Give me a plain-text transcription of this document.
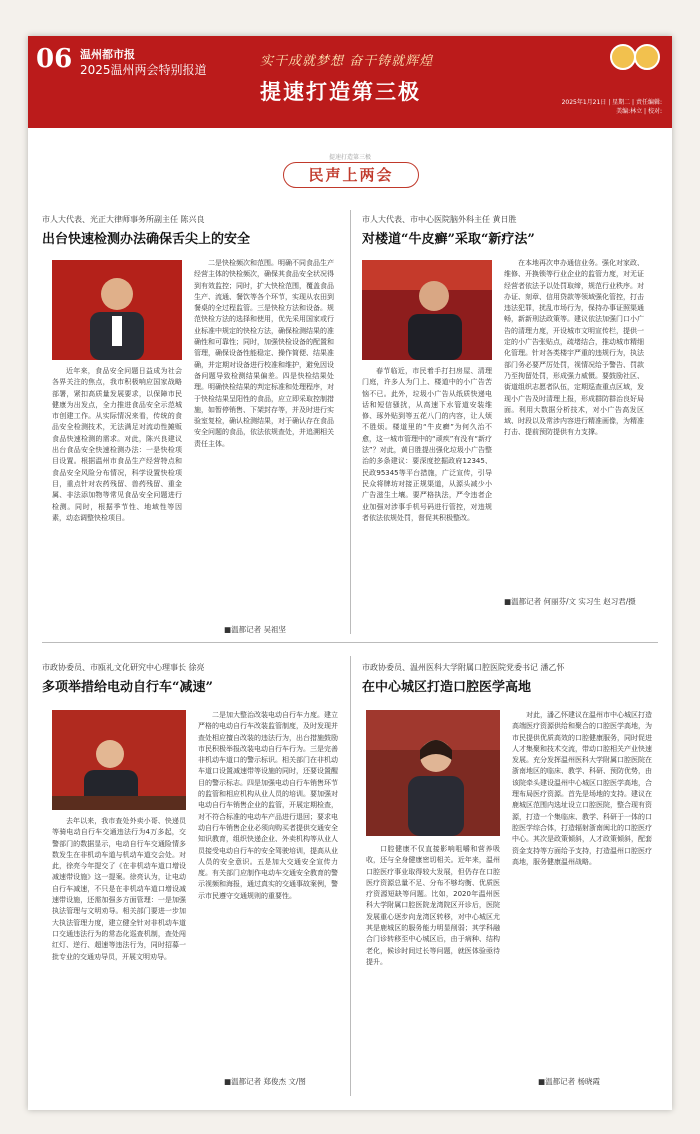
06 温州都市报
2025温州两会特别报道
实干成就梦想 奋干铸就辉煌
提速打造第三极	2025年1月21日 | 星期二 | 责任编辑:
美编:林立 | 校对:
提速打造第三极
民声上两会
市人大代表、光正大律师事务所副主任 陈兴良
出台快速检测办法确保舌尖上的安全

近年来，食品安全问题日益成为社会各界关注的焦点，我市积极响应国家战略部署，紧扣高质量发展要求，以保障市民健康为出发点，全力推进食品安全示范城市创建工作。从实际情况来看，传统的食品安全检测技术，无法满足对流动性摊贩食品快速检测的需求。对此，陈兴良建议出台食品安全快速检测办法：一是快检项目设置。根据温州市食品生产经营特点和食品安全风险分布情况，科学设置快检项目，重点针对农药残留、兽药残留、重金属、非法添加物等常见食品安全问题进行检测。同时，根据季节性、地域性等因素，动态调整快检项目。

二是快检频次和范围。明确不同食品生产经营主体的快检频次，确保其食品安全状况得到有效监控；同时，扩大快检范围，覆盖食品生产、流通、餐饮等各个环节，实现从农田到餐桌的全过程监管。三是快检方法和设备。规范快检方法的选择和使用，优先采用国家或行业标准中规定的快检方法，确保检测结果的准确性和可靠性；同时，加强快检设备的配置和管理，确保设备性能稳定、操作简便、结果准确，并定期对设备进行校准和维护，避免因设备问题导致检测结果偏差。四是快检结果处理。明确快检结果的判定标准和处理程序，对于快检结果呈阳性的食品，应立即采取控制措施，如暂停销售、下架封存等，并及时进行实验室复检，确认检测结果，对于确认存在食品安全问题的食品，依法依规查处，并追溯相关责任主体。

■温都记者 吴祖坚
市人大代表、市中心医院脑外科主任 黄日胜
对楼道“牛皮癣”采取“新疗法”

春节临近，市民着手打扫房屋、清理门庭，许多人为门上、楼道中的小广告苦恼不已。此外，垃圾小广告从纸质快递电话和短信骚扰，从高速下水管道安装维修、琢外贴到等五花八门的内容，让人烦不胜烦。楼道里的“牛皮癣”为何久治不愈，这一城市管理中的“顽疾”有没有“新疗法”？对此，黄日胜提出强化垃圾小广告整治的多条建议：要深度挖掘政府12345、民政95345等平台措施，广泛宣传，引导民众将牌坊对接正规渠道，从源头减少小广告滋生土壤。要严格执法，严令违者企业加强对涉事手机号码进行管控，对违规者依法依规处罚，督促其积极整改。

在本地再次申办通信业务。强化对家政、维修、开换锁等行业企业的监管力度，对无证经营者依法予以处罚取缔，规范行业秩序。对办证、刻章、信用贷款等领域强化管控，打击违法犯罪，扰乱市场行为，保持办事证照渠通畅，新新刑法政策等。建议依法加强门口小广告的清理力度，开设城市文明宣传栏，提供一定的小广告张贴点，疏堵结合，推动城市精细化管理。针对各类楼宇严重的违规行为，执法部门务必要严厉处罚，视情况给予警告、罚款乃至拘留处罚，形成强力威慑。要鼓励社区、街道组织志愿者队伍，定期巡查重点区域，发现小广告及时清理上报，形成群防群治良好局面。利用大数据分析技术，对小广告高发区域、时段以及常涉内容进行精准画像，为精准打击、提前预防提供有力支撑。

■温都记者 何丽芬/文 实习生 赵习君/摄
市政协委员、市瓯礼文化研究中心理事长 徐亮
多项举措给电动自行车“减速”

去年以来，我市查处外卖小哥、快递员等骑电动自行车交通违法行为4万多起，交警部门的数据显示，电动自行车交通险情多数发生在非机动车道与机动车道交会处。对此，徐亮今年提交了《在非机动车道口增设减速带设施》这一提案。徐亮认为，让电动自行车减速，不只是在非机动车道口增设减速带设施，还需加强多方面管理：一是加强执法管理与文明劝导。相关部门要进一步加大执法管理力度，建立健全针对非机动车道口交通违法行为的常态化巡查机制，查处闯红灯、逆行、超速等违法行为，同时招募一批专业的交通劝导员，开展文明劝导。

二是加大整治改装电动自行车力度。建立严格的电动自行车改装监管制度，及时发现并查处相应擅自改装的违法行为，出台措施鼓励市民积极举报改装电动自行车行为。三是完善非机动车道口的警示标识。相关部门在非机动车道口设置减速带等设施的同时，还要设置醒目的警示标志。四是加强电动自行车销售环节的监管和相应机构从业人员的培训。要加强对电动自行车销售企业的监管，开展定期检查，对不符合标准的电动车产品进行退回；要求电动自行车销售企业必须向购买者提供交通安全知识教育，组织快递企业、外卖机构等从业人员接受电动自行车的安全驾驶培训，提高从业人员的安全意识。五是加大交通安全宣传力度。有关部门应制作电动车交通安全教育的警示视频和海报，通过真实的交通事故案例，警示市民遵守交通规则的重要性。

■温都记者 郑俊杰 文/图
市政协委员、温州医科大学附属口腔医院党委书记 潘乙怀
在中心城区打造口腔医学高地

口腔健康不仅直接影响咀嚼和营养吸收，还与全身健康密切相关。近年来，温州口腔医疗事业取得较大发展，但仍存在口腔医疗资源总量不足、分布不够均衡、优质医疗资源短缺等问题。比如，2020年温州医科大学附属口腔医院龙湾院区开诊后，医院发展重心逐步向龙湾区转移，对中心城区尤其是鹿城区的服务能力明显削弱；其学科融合门诊转移至中心城区后，由于病种、结构老化，候诊时间过长等问题，就医体验亟待提升。

对此，潘乙怀建议在温州市中心城区打造高端医疗资源供给和聚合的口腔医学高地，为市民提供优质高效的口腔健康服务，同时促进人才集聚和技术交流，带动口腔相关产业快速发展。充分发挥温州医科大学附属口腔医院在浙南地区的临床、教学、科研、预防优势，由该院牵头建设温州中心城区口腔医学高地，合理布局医疗资源。首先是场地的支持。建议在鹿城区范围内选址设立口腔医院，整合现有资源，打造一个集临床、教学、科研于一体的口腔医学综合体，打造辐射浙南闽北的口腔医疗中心。其次是政策倾斜，人才政策倾斜，配套资金支持等方面给予支持，打造温州口腔医疗高地，服务健康温州战略。

■温都记者 杨晓霞
